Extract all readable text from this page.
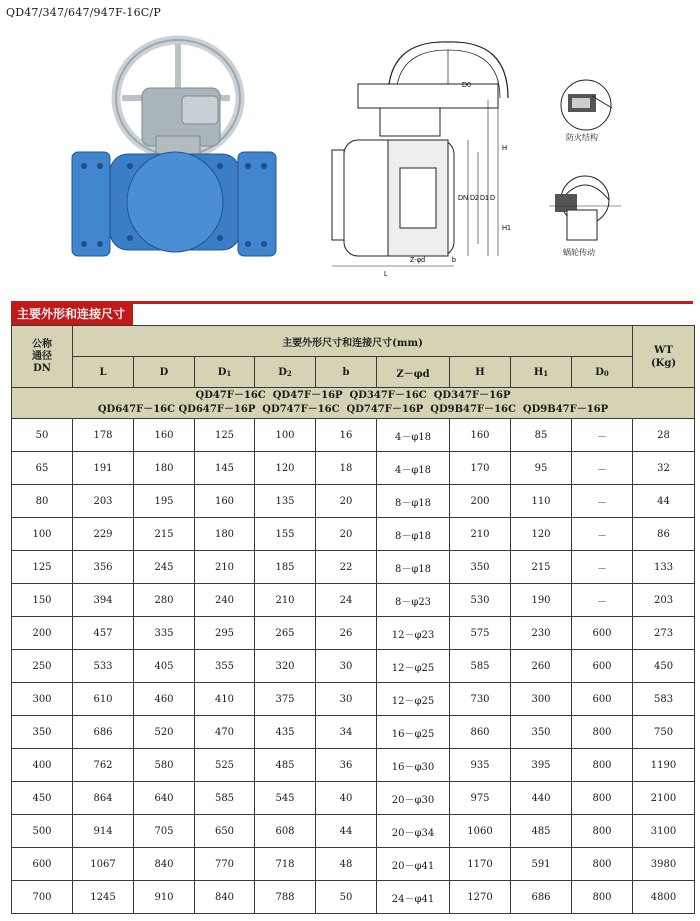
QD47/347/647/947F-16C/P
D0
H
H1
L
Z-φd
DN D2 D1 D
b
防火结构
蜗轮传动
主要外形和连接尺寸
公称
通径
DN	主要外形尺寸和连接尺寸(mm)									WT
(Kg)
	L	D	D1	D2	b	Z－φd	H	H1	D0	

QD47F－16C  QD47F－16P  QD347F－16C  QD347F－16P
QD647F－16C QD647F－16P  QD747F－16C  QD747F－16P  QD9B47F－16C  QD9B47F－16P										

50	178	160	125	100	16	4－φ18	160	85	－	28
65	191	180	145	120	18	4－φ18	170	95	－	32
80	203	195	160	135	20	8－φ18	200	110	－	44
100	229	215	180	155	20	8－φ18	210	120	－	86
125	356	245	210	185	22	8－φ18	350	215	－	133
150	394	280	240	210	24	8－φ23	530	190	－	203
200	457	335	295	265	26	12－φ23	575	230	600	273
250	533	405	355	320	30	12－φ25	585	260	600	450
300	610	460	410	375	30	12－φ25	730	300	600	583
350	686	520	470	435	34	16－φ25	860	350	800	750
400	762	580	525	485	36	16－φ30	935	395	800	1190
450	864	640	585	545	40	20－φ30	975	440	800	2100
500	914	705	650	608	44	20－φ34	1060	485	800	3100
600	1067	840	770	718	48	20－φ41	1170	591	800	3980
700	1245	910	840	788	50	24－φ41	1270	686	800	4800
